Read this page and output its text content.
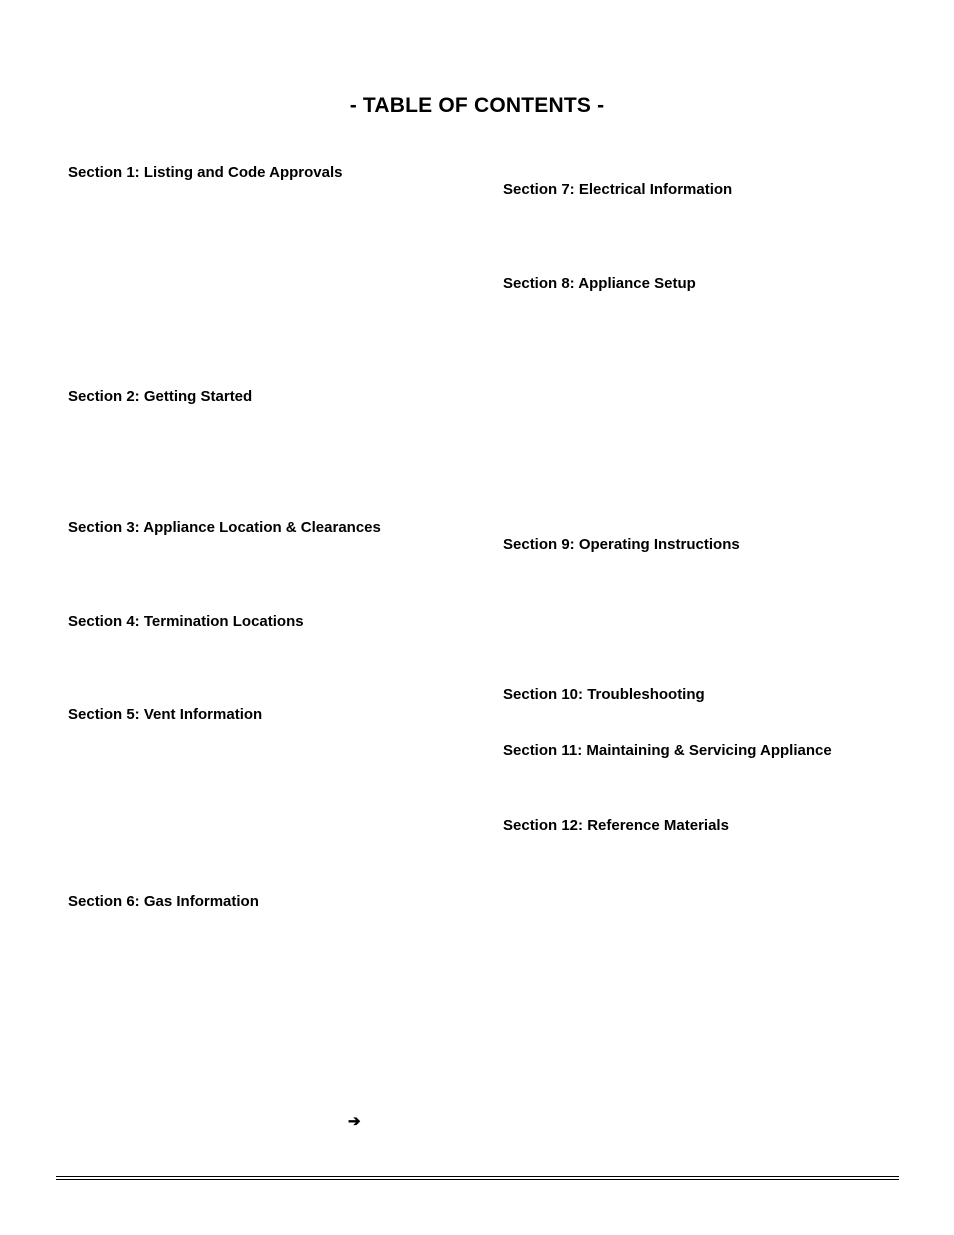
- TABLE OF CONTENTS -
Section 1: Listing and Code Approvals
Section 2: Getting Started
Section 3: Appliance Location & Clearances
Section 4: Termination Locations
Section 5: Vent Information
Section 6: Gas Information
Section 7: Electrical Information
Section 8: Appliance Setup
Section 9: Operating Instructions
Section 10: Troubleshooting
Section 11: Maintaining & Servicing Appliance
Section 12: Reference Materials
➔
